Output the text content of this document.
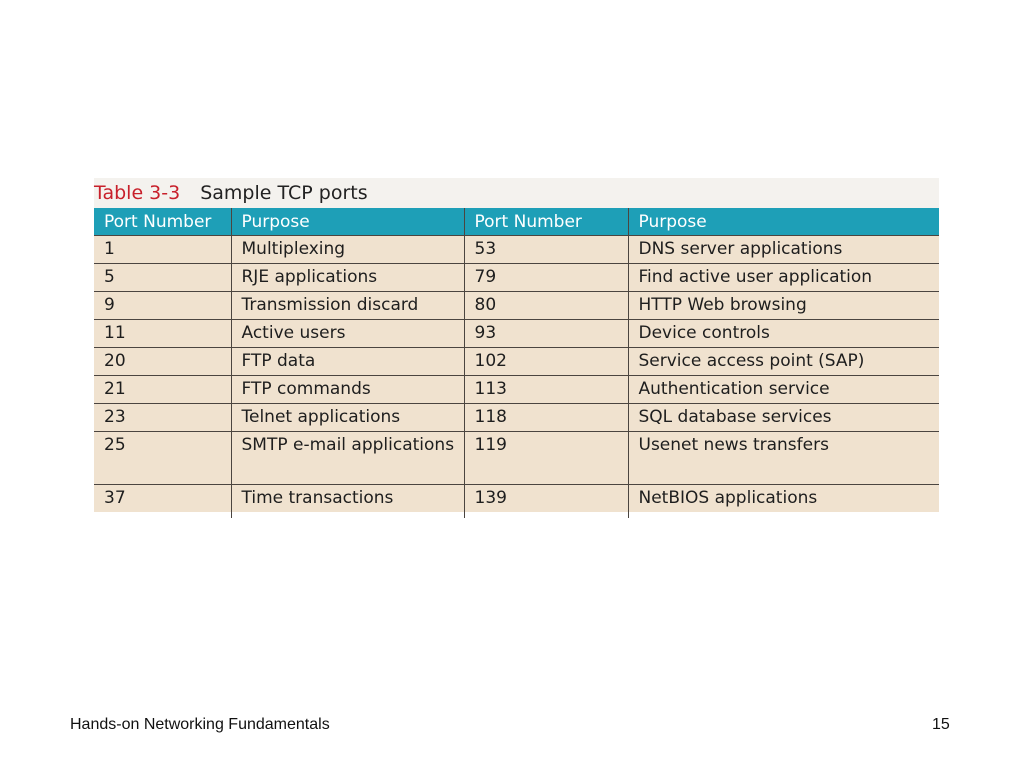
Table 3-3 Sample TCP ports
Port Number	Purpose	Port Number	Purpose
1	Multiplexing	53	DNS server applications
5	RJE applications	79	Find active user application
9	Transmission discard	80	HTTP Web browsing
11	Active users	93	Device controls
20	FTP data	102	Service access point (SAP)
21	FTP commands	113	Authentication service
23	Telnet applications	118	SQL database services
25	SMTP e-mail applications	119	Usenet news transfers
37	Time transactions	139	NetBIOS applications
Hands-on Networking Fundamentals	15
